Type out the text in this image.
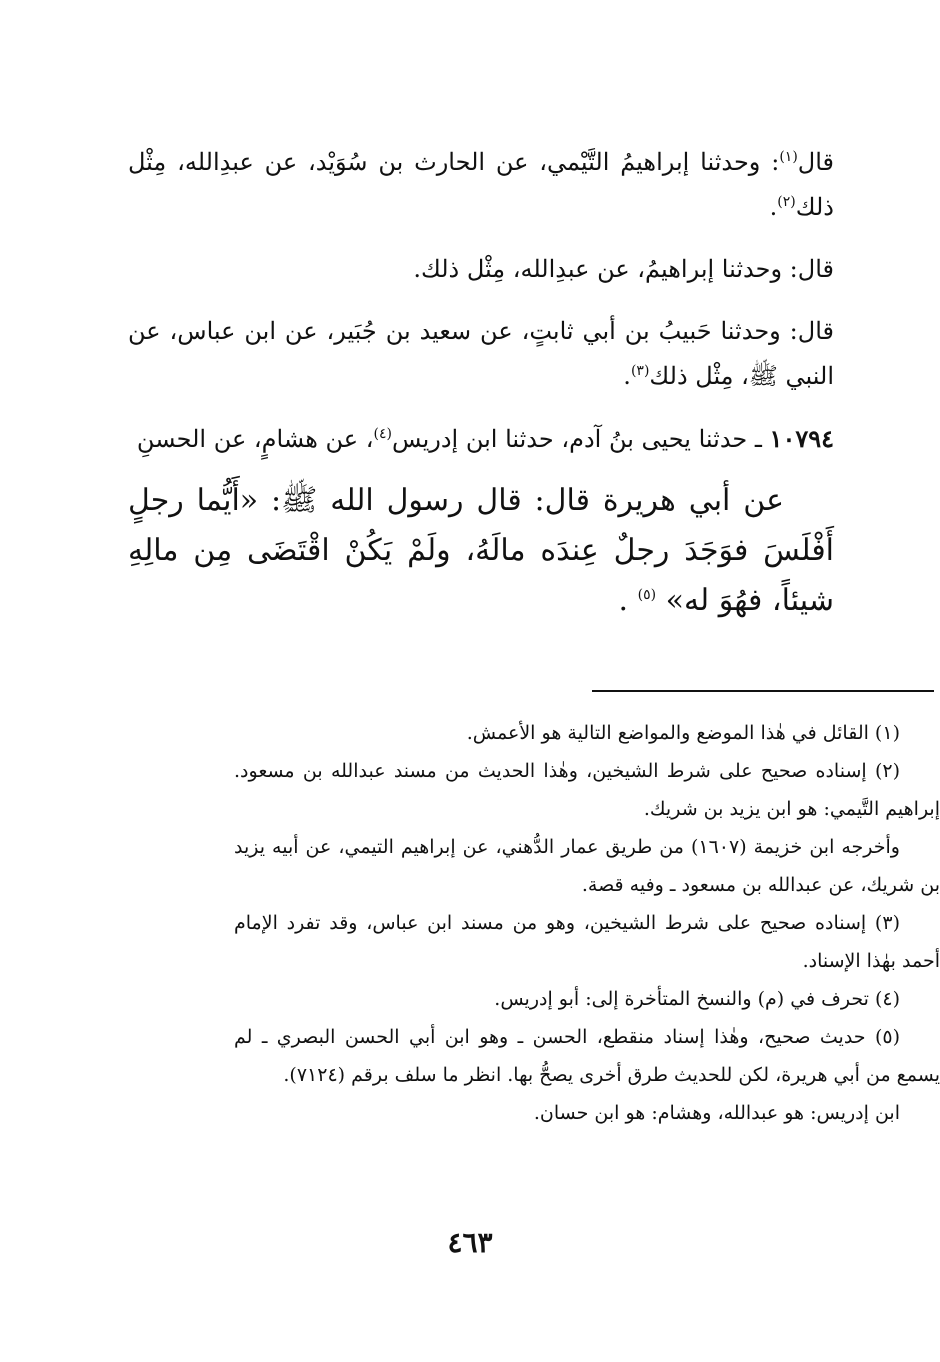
قال$^{(١)}$: وحدثنا إبراهيمُ التَّيْمي، عن الحارث بن سُوَيْد، عن عبدِالله، مِثْل ذلك$^{(٢)}$.

قال: وحدثنا إبراهيمُ، عن عبدِالله، مِثْل ذلك.

قال: وحدثنا حَبيبُ بن أبي ثابتٍ، عن سعيد بن جُبَير، عن ابن عباس، عن النبي ﷺ، مِثْل ذلك$^{(٣)}$.

١٠٧٩٤ ـ حدثنا يحيى بنُ آدم، حدثنا ابن إدريس$^{(٤)}$، عن هشامٍ، عن الحسنِ

عن أبي هريرة قال: قال رسول الله ﷺ: «أَيُّما رجلٍ أَفْلَسَ فوَجَدَ رجلٌ عِندَه مالَهُ، ولَمْ يَكُنْ اقْتَضَى مِن مالِهِ شيئاً، فهُوَ له» $^{(٥)}$ .

(١) القائل في هٰذا الموضع والمواضع التالية هو الأعمش.

(٢) إسناده صحيح على شرط الشيخين، وهٰذا الحديث من مسند عبدالله بن مسعود. إبراهيم التَّيمي: هو ابن يزيد بن شريك.

وأخرجه ابن خزيمة (١٦٠٧) من طريق عمار الدُّهني، عن إبراهيم التيمي، عن أبيه يزيد بن شريك، عن عبدالله بن مسعود ـ وفيه قصة.

(٣) إسناده صحيح على شرط الشيخين، وهو من مسند ابن عباس، وقد تفرد الإمام أحمد بهٰذا الإسناد.

(٤) تحرف في (م) والنسخ المتأخرة إلى: أبو إدريس.

(٥) حديث صحيح، وهٰذا إسناد منقطع، الحسن ـ وهو ابن أبي الحسن البصري ـ لم يسمع من أبي هريرة، لكن للحديث طرق أخرى يصحُّ بها. انظر ما سلف برقم (٧١٢٤).

ابن إدريس: هو عبدالله، وهشام: هو ابن حسان.

٤٦٣
